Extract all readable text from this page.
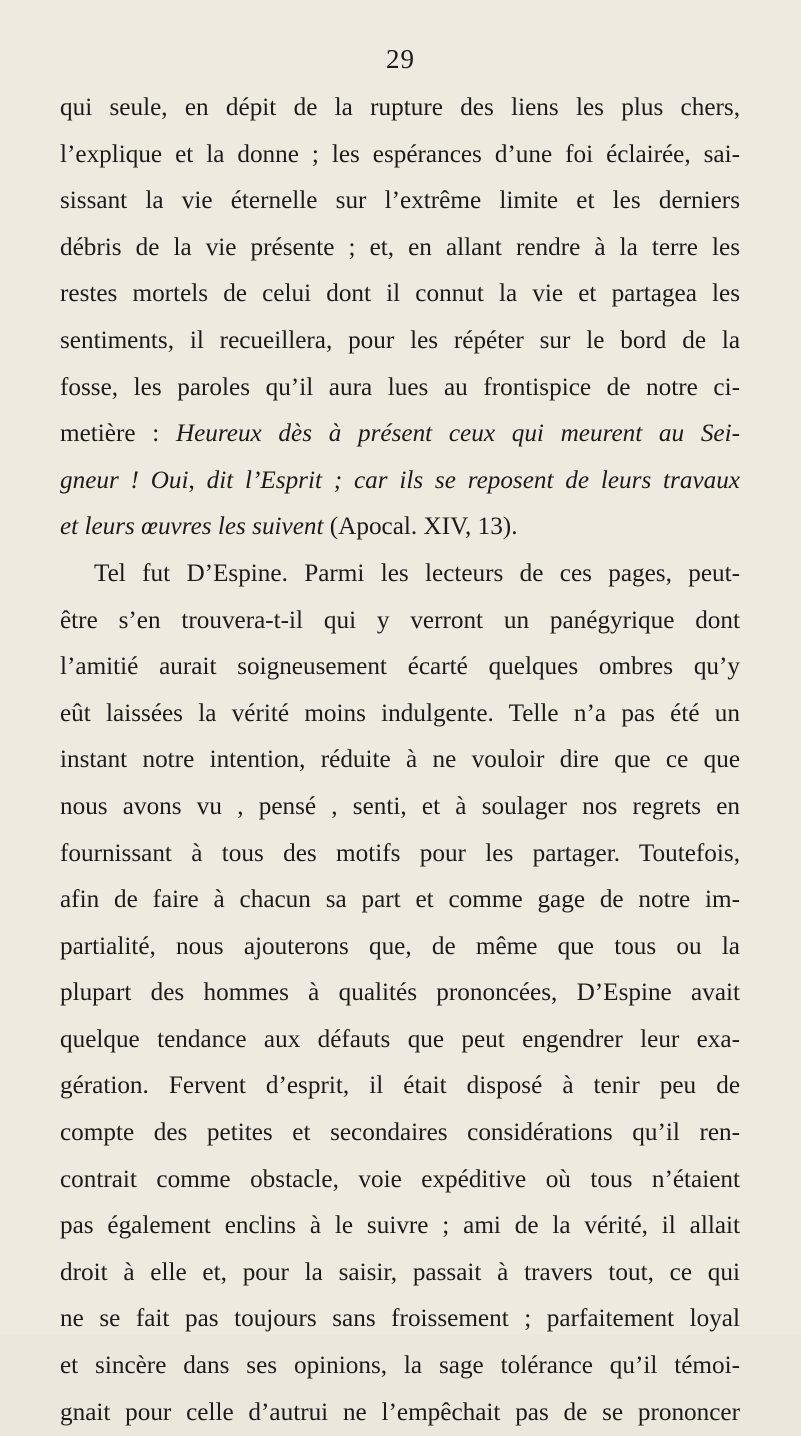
29
qui seule, en dépit de la rupture des liens les plus chers,
l’explique et la donne ; les espérances d’une foi éclairée, sai-
sissant la vie éternelle sur l’extrême limite et les derniers
débris de la vie présente ; et, en allant rendre à la terre les
restes mortels de celui dont il connut la vie et partagea les
sentiments, il recueillera, pour les répéter sur le bord de la
fosse, les paroles qu’il aura lues au frontispice de notre ci-
metière : Heureux dès à présent ceux qui meurent au Sei-
gneur ! Oui, dit l’Esprit ; car ils se reposent de leurs travaux
et leurs œuvres les suivent (Apocal. XIV, 13).
Tel fut D’Espine. Parmi les lecteurs de ces pages, peut-
être s’en trouvera-t-il qui y verront un panégyrique dont
l’amitié aurait soigneusement écarté quelques ombres qu’y
eût laissées la vérité moins indulgente. Telle n’a pas été un
instant notre intention, réduite à ne vouloir dire que ce que
nous avons vu , pensé , senti, et à soulager nos regrets en
fournissant à tous des motifs pour les partager. Toutefois,
afin de faire à chacun sa part et comme gage de notre im-
partialité, nous ajouterons que, de même que tous ou la
plupart des hommes à qualités prononcées, D’Espine avait
quelque tendance aux défauts que peut engendrer leur exa-
gération. Fervent d’esprit, il était disposé à tenir peu de
compte des petites et secondaires considérations qu’il ren-
contrait comme obstacle, voie expéditive où tous n’étaient
pas également enclins à le suivre ; ami de la vérité, il allait
droit à elle et, pour la saisir, passait à travers tout, ce qui
ne se fait pas toujours sans froissement ; parfaitement loyal
et sincère dans ses opinions, la sage tolérance qu’il témoi-
gnait pour celle d’autrui ne l’empêchait pas de se prononcer
